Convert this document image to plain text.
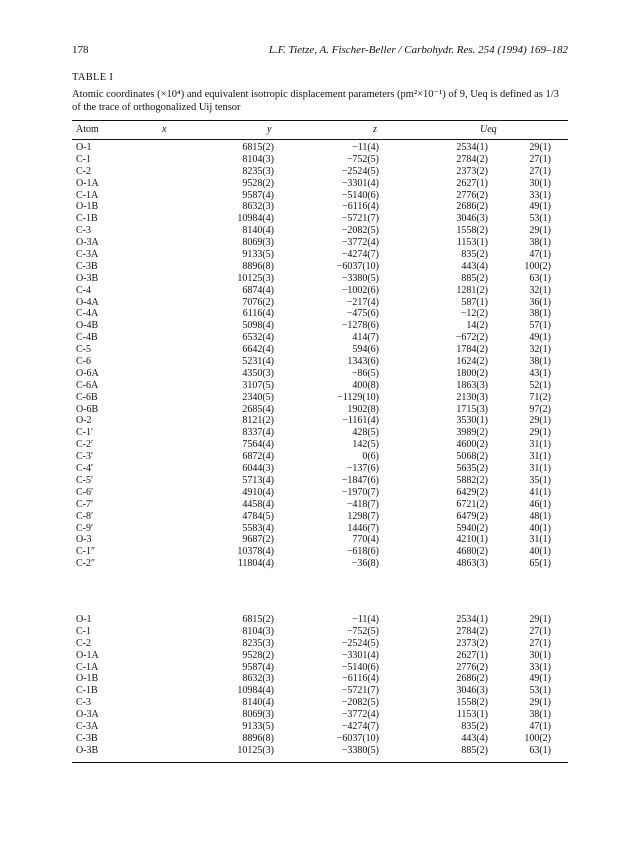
178	L.F. Tietze, A. Fischer-Beller / Carbohydr. Res. 254 (1994) 169–182
TABLE I
Atomic coordinates (×10⁴) and equivalent isotropic displacement parameters (pm²×10⁻¹) of 9, Ueq is defined as 1/3 of the trace of orthogonalized Uij tensor
Atom	x	y	z	Ueq
O-1	6815(2)	−11(4)	2534(1)	29(1)
C-1	8104(3)	−752(5)	2784(2)	27(1)
C-2	8235(3)	−2524(5)	2373(2)	27(1)
O-1A	9528(2)	−3301(4)	2627(1)	30(1)
C-1A	9587(4)	−5140(6)	2776(2)	33(1)
O-1B	8632(3)	−6116(4)	2686(2)	49(1)
C-1B	10984(4)	−5721(7)	3046(3)	53(1)
C-3	8140(4)	−2082(5)	1558(2)	29(1)
O-3A	8069(3)	−3772(4)	1153(1)	38(1)
C-3A	9133(5)	−4274(7)	835(2)	47(1)
C-3B	8896(8)	−6037(10)	443(4)	100(2)
O-3B	10125(3)	−3380(5)	885(2)	63(1)
C-4	6874(4)	−1002(6)	1281(2)	32(1)
O-4A	7076(2)	−217(4)	587(1)	36(1)
C-4A	6116(4)	−475(6)	−12(2)	38(1)
O-4B	5098(4)	−1278(6)	14(2)	57(1)
C-4B	6532(4)	414(7)	−672(2)	49(1)
C-5	6642(4)	594(6)	1784(2)	32(1)
C-6	5231(4)	1343(6)	1624(2)	38(1)
O-6A	4350(3)	−86(5)	1800(2)	43(1)
C-6A	3107(5)	400(8)	1863(3)	52(1)
C-6B	2340(5)	−1129(10)	2130(3)	71(2)
O-6B	2685(4)	1902(8)	1715(3)	97(2)
O-2	8121(2)	−1161(4)	3530(1)	29(1)
C-1′	8337(4)	428(5)	3989(2)	29(1)
C-2′	7564(4)	142(5)	4600(2)	31(1)
C-3′	6872(4)	0(6)	5068(2)	31(1)
C-4′	6044(3)	−137(6)	5635(2)	31(1)
C-5′	5713(4)	−1847(6)	5882(2)	35(1)
C-6′	4910(4)	−1970(7)	6429(2)	41(1)
C-7′	4458(4)	−418(7)	6721(2)	46(1)
C-8′	4784(5)	1298(7)	6479(2)	48(1)
C-9′	5583(4)	1446(7)	5940(2)	40(1)
O-3	9687(2)	770(4)	4210(1)	31(1)
C-1″	10378(4)	−618(6)	4680(2)	40(1)
C-2″	11804(4)	−36(8)	4863(3)	65(1)
O-1	6815(2)	−11(4)	2534(1)	29(1)
C-1	8104(3)	−752(5)	2784(2)	27(1)
C-2	8235(3)	−2524(5)	2373(2)	27(1)
O-1A	9528(2)	−3301(4)	2627(1)	30(1)
C-1A	9587(4)	−5140(6)	2776(2)	33(1)
O-1B	8632(3)	−6116(4)	2686(2)	49(1)
C-1B	10984(4)	−5721(7)	3046(3)	53(1)
C-3	8140(4)	−2082(5)	1558(2)	29(1)
O-3A	8069(3)	−3772(4)	1153(1)	38(1)
C-3A	9133(5)	−4274(7)	835(2)	47(1)
C-3B	8896(8)	−6037(10)	443(4)	100(2)
O-3B	10125(3)	−3380(5)	885(2)	63(1)
